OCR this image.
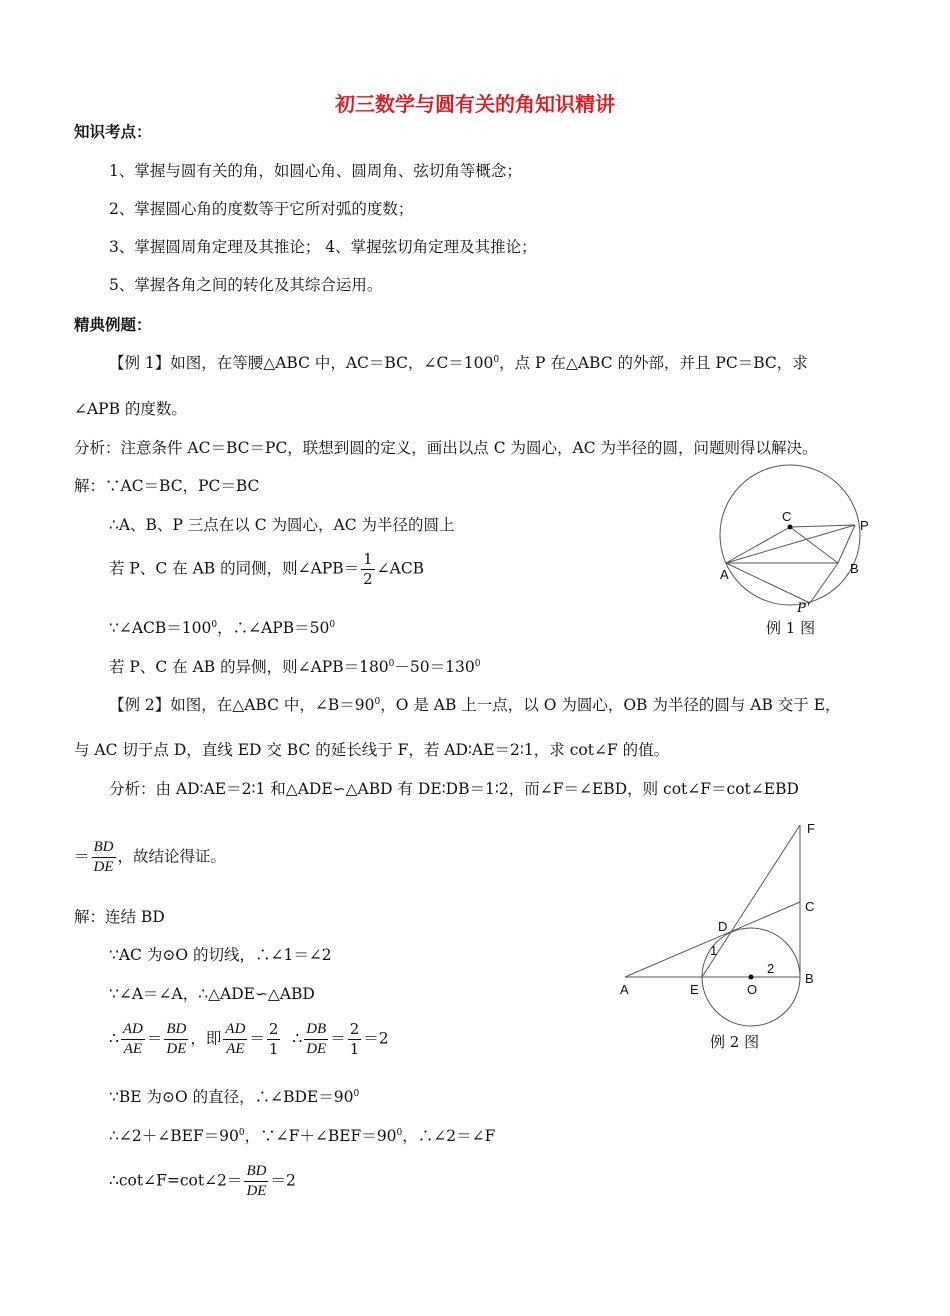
初三数学与圆有关的角知识精讲
知识考点：
1、掌握与圆有关的角，如圆心角、圆周角、弦切角等概念；
2、掌握圆心角的度数等于它所对弧的度数；
3、掌握圆周角定理及其推论； 4、掌握弦切角定理及其推论；
5、掌握各角之间的转化及其综合运用。
精典例题：
【例 1】如图，在等腰△ABC 中，AC＝BC，$\angle C=100^0$，点 P 在△ABC 的外部，并且 PC＝BC，求
∠APB 的度数。
分析：注意条件 AC＝BC＝PC，联想到圆的定义，画出以点 C 为圆心，AC 为半径的圆，问题则得以解决。
解：∵AC＝BC，PC＝BC
∴A、B、P 三点在以 C 为圆心，AC 为半径的圆上
若 P、C 在 AB 的同侧，则∠APB＝ $\frac{1}{2}$ ∠ACB
$\because\angle ACB=100^0$，$\therefore\angle APB=50^0$
若 P、C 在 AB 的异侧，则$\angle APB=180^0-50=130^0$
C
P
A	B
P′
例 1 图
【例 2】如图，在△ABC 中，$\angle B=90^0$，O 是 AB 上一点，以 O 为圆心，OB 为半径的圆与 AB 交于 E，
与 AC 切于点 D，直线 ED 交 BC 的延长线于 F，若 AD∶AE＝2∶1，求 cot∠F 的值。
分析：由 AD∶AE＝2∶1 和△ADE∽△ABD 有 DE∶DB＝1∶2，而∠F＝∠EBD，则 cot∠F＝cot∠EBD
＝ $\frac{BD}{DE}$ ，故结论得证。
解：连结 BD
∵AC 为⊙O 的切线，∴∠1＝∠2
∵∠A＝∠A，∴△ADE∽△ABD
∴ $\frac{AD}{AE} = \frac{BD}{DE}$ ，即 $\frac{AD}{AE} = \frac{2}{1}$ ∴ $\frac{DB}{DE} = \frac{2}{1} =2$
∵BE 为⊙O 的直径，$\therefore\angle BDE=90^0$
$\therefore\angle 2+\angle BEF=90^0$，$\because\angle F+\angle BEF=90^0$，∴∠2＝∠F
∴cot∠F=cot∠2＝ $\frac{BD}{DE} =2$
F
C
D
1
2
A	E	O
B
例 2 图
